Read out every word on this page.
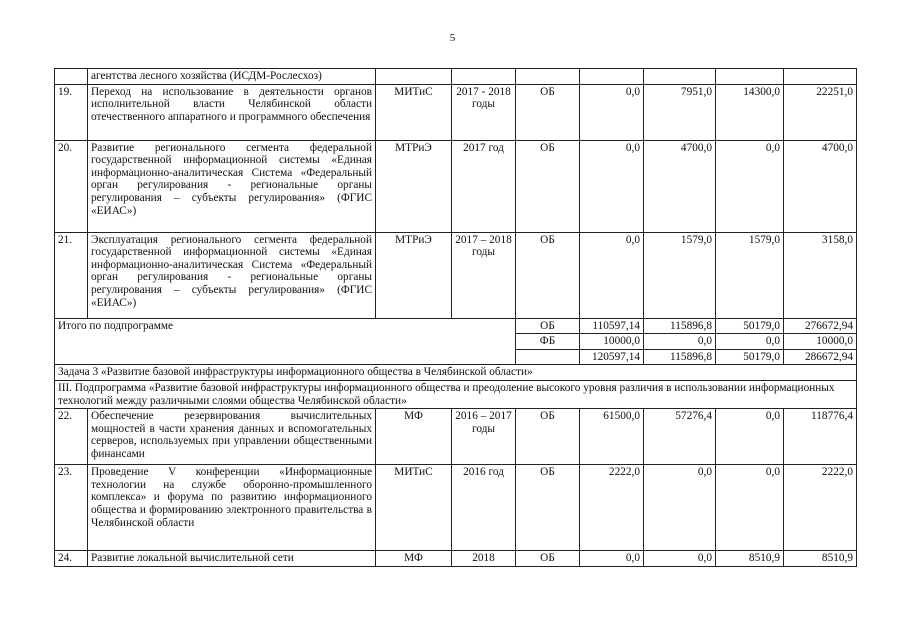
5
	агентства лесного хозяйства (ИСДМ-Рослесхоз)							
19.	Переход на использование в деятельности органов исполнительной власти Челябинской области отечественного аппаратного и программного обеспечения	МИТиС	2017 - 2018 годы	ОБ	0,0	7951,0	14300,0	22251,0
20.	Развитие регионального сегмента федеральной государственной информационной системы «Единая информационно-аналитическая Система «Федеральный орган регулирования - региональные органы регулирования – субъекты регулирования» (ФГИС «ЕИАС»)	МТРиЭ	2017 год	ОБ	0,0	4700,0	0,0	4700,0
21.	Эксплуатация регионального сегмента федеральной государственной информационной системы «Единая информационно-аналитическая Система «Федеральный орган регулирования - региональные органы регулирования – субъекты регулирования» (ФГИС «ЕИАС»)	МТРиЭ	2017 – 2018 годы	ОБ	0,0	1579,0	1579,0	3158,0
Итого по подпрограмме				ОБ	110597,14	115896,8	50179,0	276672,94
				ФБ	10000,0	0,0	0,0	10000,0
					120597,14	115896,8	50179,0	286672,94
Задача 3 «Развитие базовой инфраструктуры информационного общества в Челябинской области»								
III. Подпрограмма «Развитие базовой инфраструктуры информационного общества и преодоление высокого уровня различия в использовании информационных технологий между различными слоями общества Челябинской области»								
22.	Обеспечение резервирования вычислительных мощностей в части хранения данных и вспомогательных серверов, используемых при управлении общественными финансами	МФ	2016 – 2017 годы	ОБ	61500,0	57276,4	0,0	118776,4
23.	Проведение V конференции «Информационные технологии на службе оборонно-промышленного комплекса» и форума по развитию информационного общества и формированию электронного правительства в Челябинской области	МИТиС	2016 год	ОБ	2222,0	0,0	0,0	2222,0
24.	Развитие локальной вычислительной сети	МФ	2018	ОБ	0,0	0,0	8510,9	8510,9
